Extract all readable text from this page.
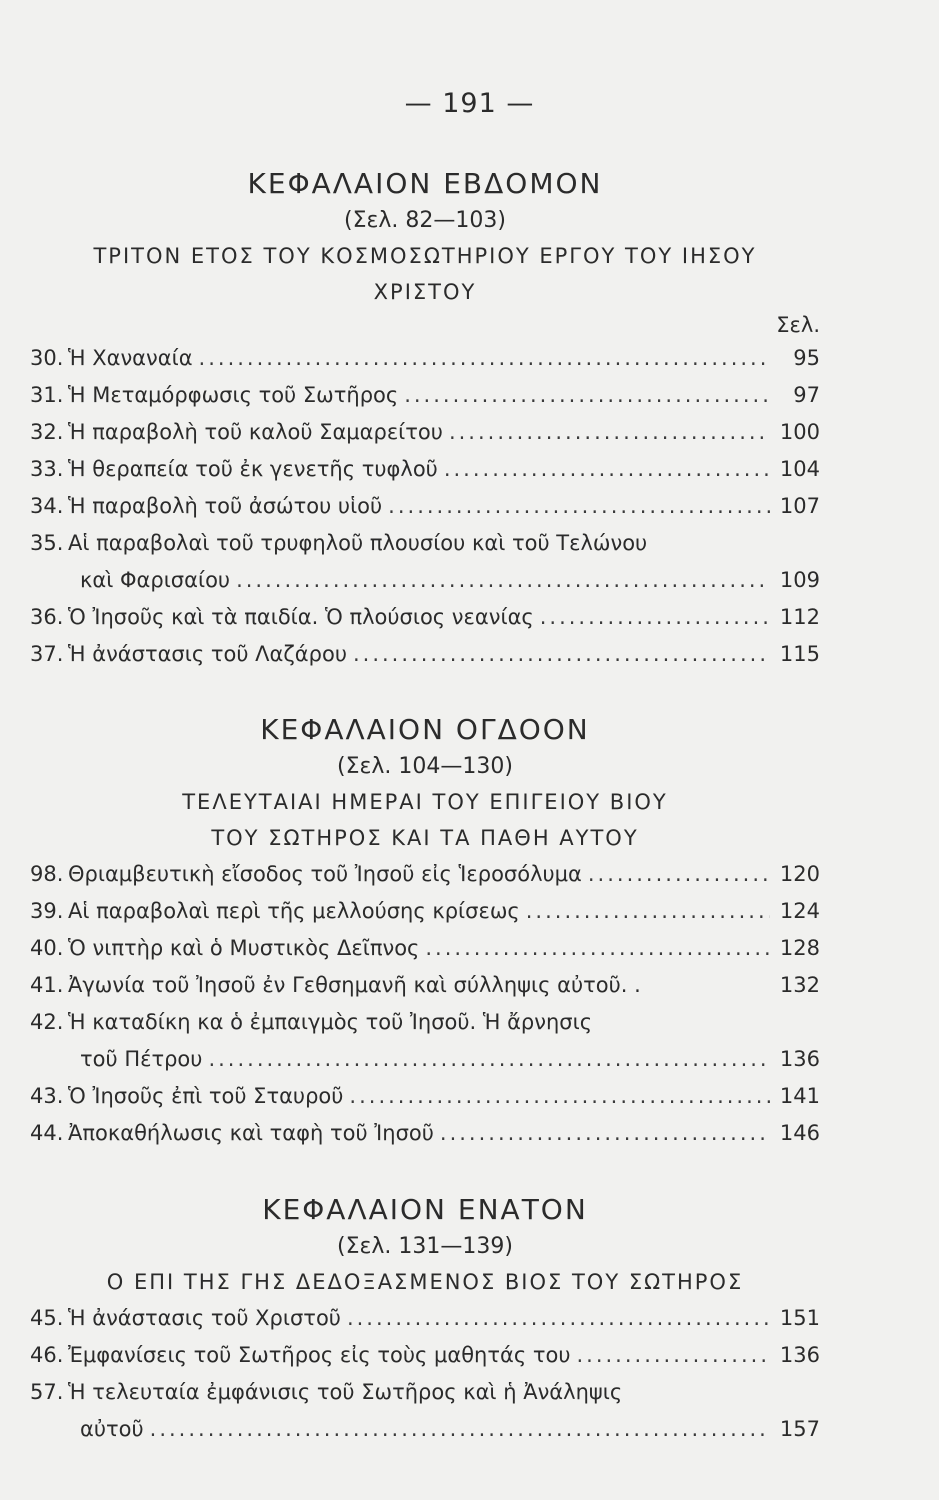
— 191 —
ΚΕΦΑΛΑΙΟΝ ΕΒΔΟΜΟΝ
(Σελ. 82—103)
ΤΡΙΤΟΝ ΕΤΟΣ ΤΟΥ ΚΟΣΜΟΣΩΤΗΡΙΟΥ ΕΡΓΟΥ ΤΟΥ ΙΗΣΟΥ
ΧΡΙΣΤΟΥ
Σελ.
30. Ἡ Χαναναία .....	95
31. Ἡ Μεταμόρφωσις τοῦ Σωτῆρος .....	97
32. Ἡ παραβολὴ τοῦ καλοῦ Σαμαρείτου .....	100
33. Ἡ θεραπεία τοῦ ἐκ γενετῆς τυφλοῦ .....	104
34. Ἡ παραβολὴ τοῦ ἀσώτου υἱοῦ .....	107
35. Αἱ παραβολαὶ τοῦ τρυφηλοῦ πλουσίου καὶ τοῦ Τελώνου
καὶ Φαρισαίου .....	109
36. Ὁ Ἰησοῦς καὶ τὰ παιδία. Ὁ πλούσιος νεανίας .....	112
37. Ἡ ἀνάστασις τοῦ Λαζάρου .....	115
ΚΕΦΑΛΑΙΟΝ ΟΓΔΟΟΝ
(Σελ. 104—130)
ΤΕΛΕΥΤΑΙΑΙ ΗΜΕΡΑΙ ΤΟΥ ΕΠΙΓΕΙΟΥ ΒΙΟΥ
ΤΟΥ ΣΩΤΗΡΟΣ ΚΑΙ ΤΑ ΠΑΘΗ ΑΥΤΟΥ
98. Θριαμβευτικὴ εἴσοδος τοῦ Ἰησοῦ εἰς Ἱεροσόλυμα .....	120
39. Αἱ παραβολαὶ περὶ τῆς μελλούσης κρίσεως .....	124
40. Ὁ νιπτὴρ καὶ ὁ Μυστικὸς Δεῖπνος .....	128
41. Ἀγωνία τοῦ Ἰησοῦ ἐν Γεθσημανῆ καὶ σύλληψις αὐτοῦ. .	132
42. Ἡ καταδίκη κα ὁ ἐμπαιγμὸς τοῦ Ἰησοῦ. Ἡ ἄρνησις
τοῦ Πέτρου .....	136
43. Ὁ Ἰησοῦς ἐπὶ τοῦ Σταυροῦ .....	141
44. Ἀποκαθήλωσις καὶ ταφὴ τοῦ Ἰησοῦ .....	146
ΚΕΦΑΛΑΙΟΝ ΕΝΑΤΟΝ
(Σελ. 131—139)
Ο ΕΠΙ ΤΗΣ ΓΗΣ ΔΕΔΟΞΑΣΜΕΝΟΣ ΒΙΟΣ ΤΟΥ ΣΩΤΗΡΟΣ
45. Ἡ ἀνάστασις τοῦ Χριστοῦ .....	151
46. Ἐμφανίσεις τοῦ Σωτῆρος εἰς τοὺς μαθητάς του .....	136
57. Ἡ τελευταία ἐμφάνισις τοῦ Σωτῆρος καὶ ἡ Ἀνάληψις
αὐτοῦ .....	157
